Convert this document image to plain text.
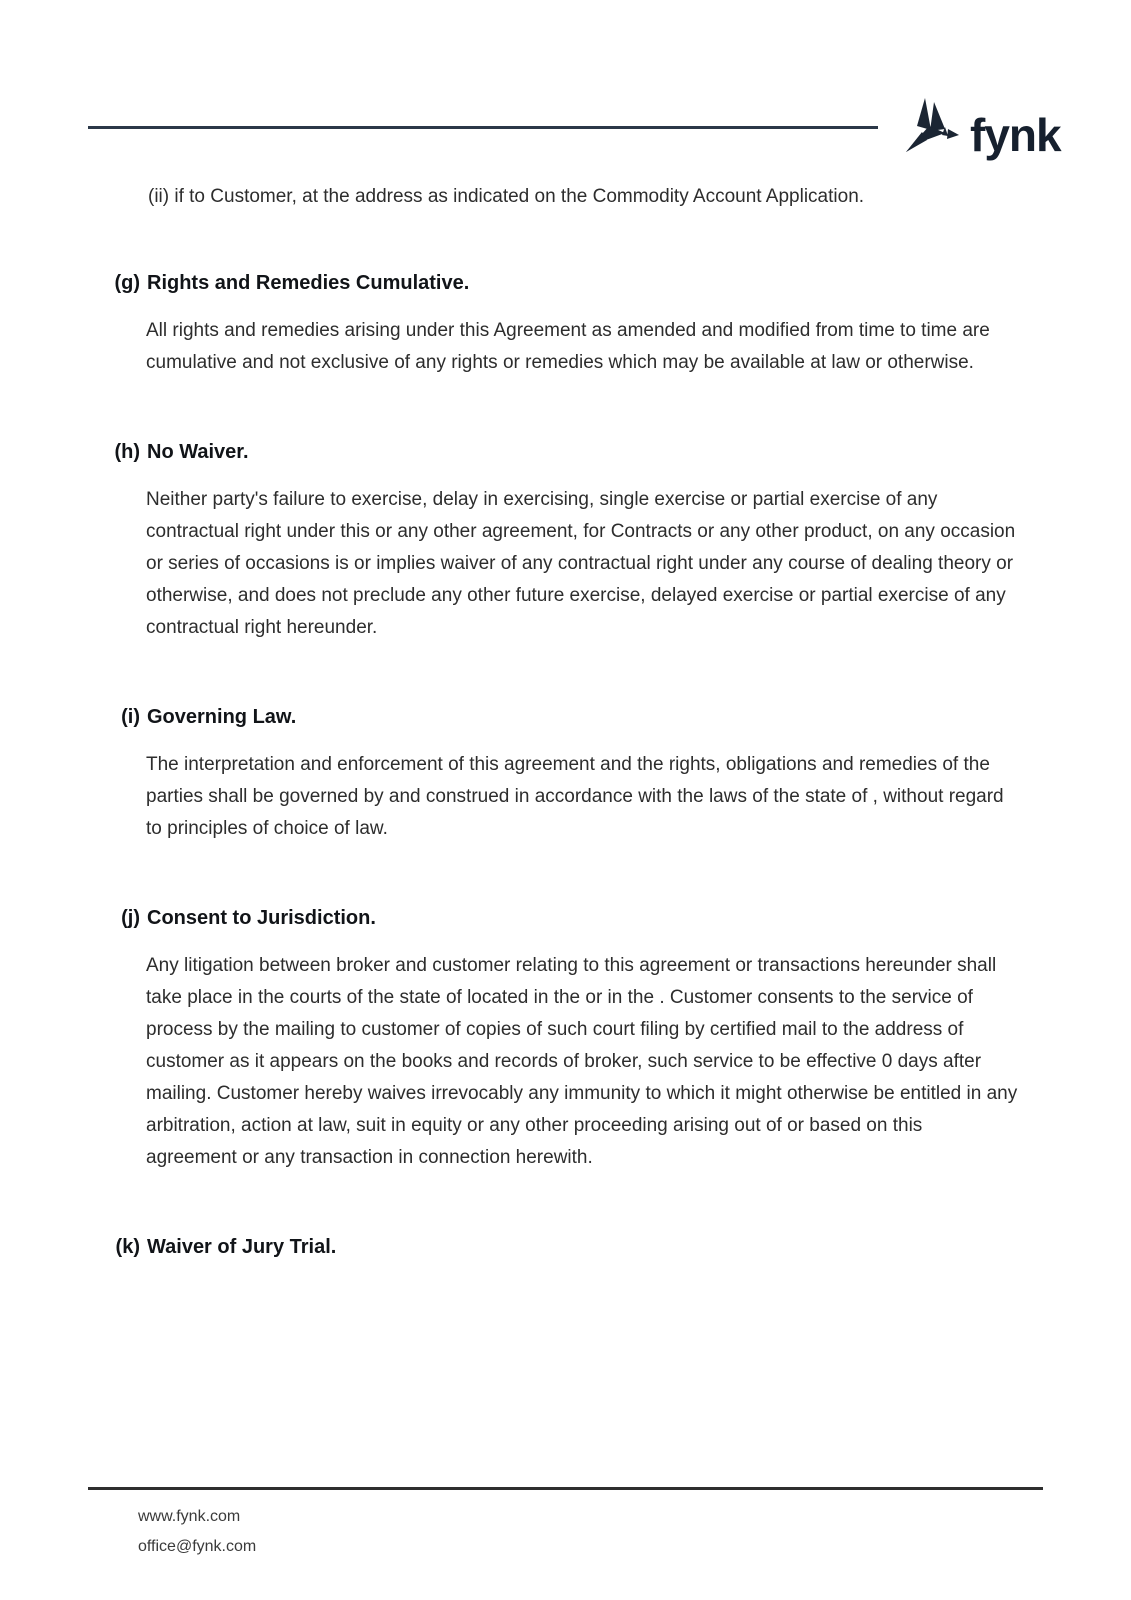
fynk

(ii) if to Customer, at the address as indicated on the Commodity Account Application.

(g) Rights and Remedies Cumulative.

All rights and remedies arising under this Agreement as amended and modified from time to time are cumulative and not exclusive of any rights or remedies which may be available at law or otherwise.

(h) No Waiver.

Neither party's failure to exercise, delay in exercising, single exercise or partial exercise of any contractual right under this or any other agreement, for Contracts or any other product, on any occasion or series of occasions is or implies waiver of any contractual right under any course of dealing theory or otherwise, and does not preclude any other future exercise, delayed exercise or partial exercise of any contractual right hereunder.

(i) Governing Law.

The interpretation and enforcement of this agreement and the rights, obligations and remedies of the parties shall be governed by and construed in accordance with the laws of the state of , without regard to principles of choice of law.

(j) Consent to Jurisdiction.

Any litigation between broker and customer relating to this agreement or transactions hereunder shall take place in the courts of the state of located in the or in the . Customer consents to the service of process by the mailing to customer of copies of such court filing by certified mail to the address of customer as it appears on the books and records of broker, such service to be effective 0 days after mailing. Customer hereby waives irrevocably any immunity to which it might otherwise be entitled in any arbitration, action at law, suit in equity or any other proceeding arising out of or based on this agreement or any transaction in connection herewith.

(k) Waiver of Jury Trial.
www.fynk.com
office@fynk.com
